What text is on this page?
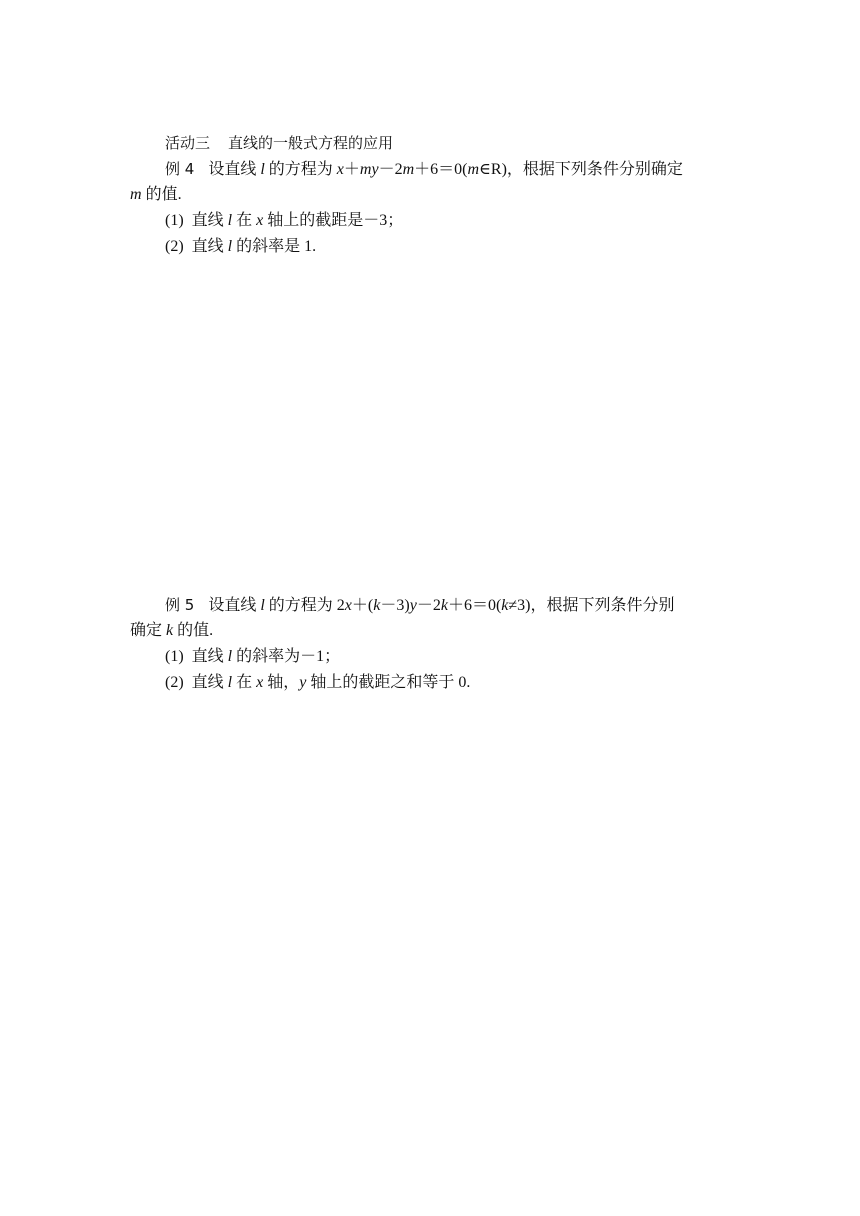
活动三 直线的一般式方程的应用
例 4 设直线 l 的方程为 x＋my－2m＋6＝0(m∈R)，根据下列条件分别确定
m 的值.
(1) 直线 l 在 x 轴上的截距是－3；
(2) 直线 l 的斜率是 1.
例 5 设直线 l 的方程为 2x＋(k－3)y－2k＋6＝0(k≠3)，根据下列条件分别
确定 k 的值.
(1) 直线 l 的斜率为－1；
(2) 直线 l 在 x 轴，y 轴上的截距之和等于 0.
